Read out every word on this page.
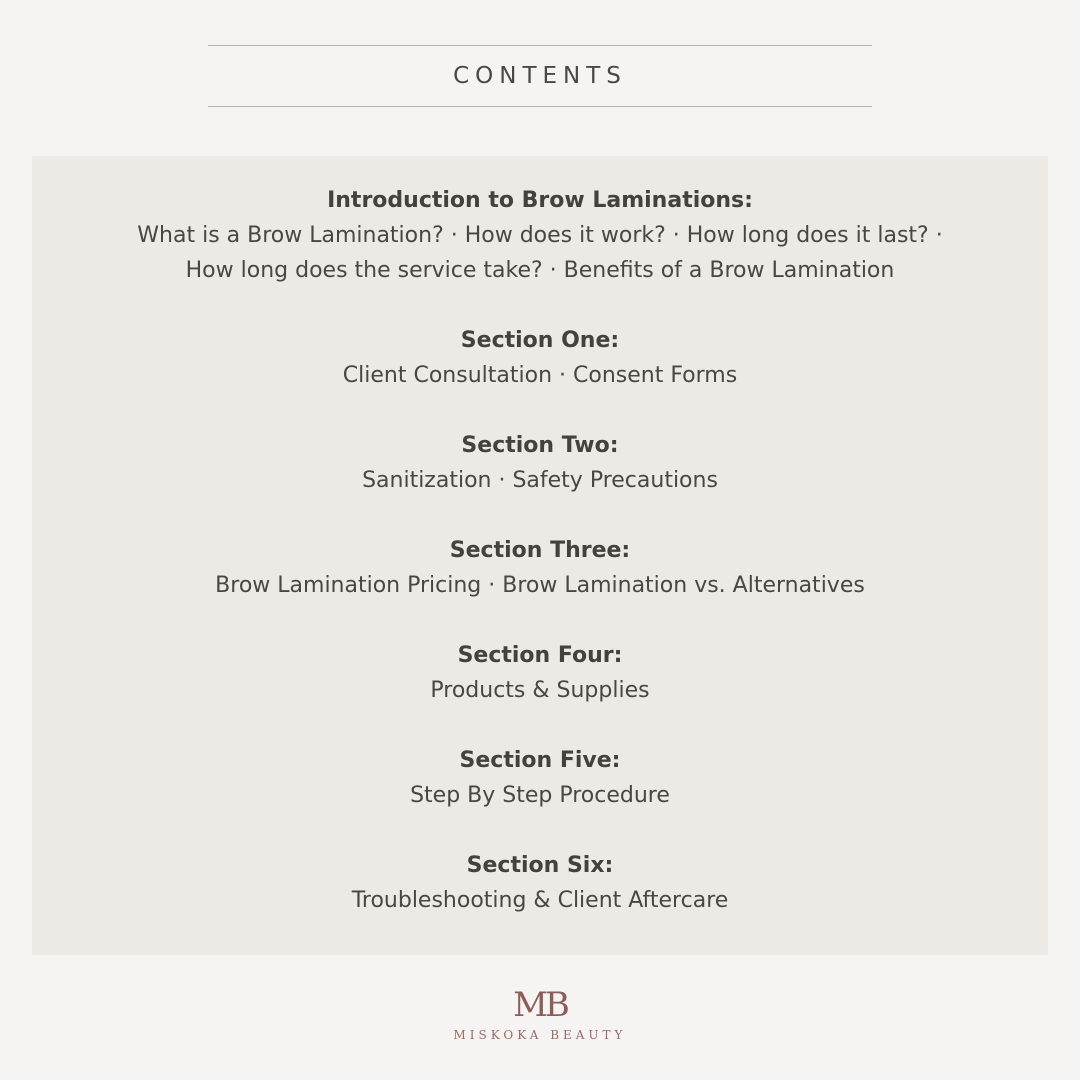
CONTENTS
Introduction to Brow Laminations:
What is a Brow Lamination? · How does it work? · How long does it last? ·
How long does the service take? · Benefits of a Brow Lamination
Section One:
Client Consultation · Consent Forms
Section Two:
Sanitization · Safety Precautions
Section Three:
Brow Lamination Pricing · Brow Lamination vs. Alternatives
Section Four:
Products & Supplies
Section Five:
Step By Step Procedure
Section Six:
Troubleshooting & Client Aftercare
MB
MISKOKA BEAUTY
